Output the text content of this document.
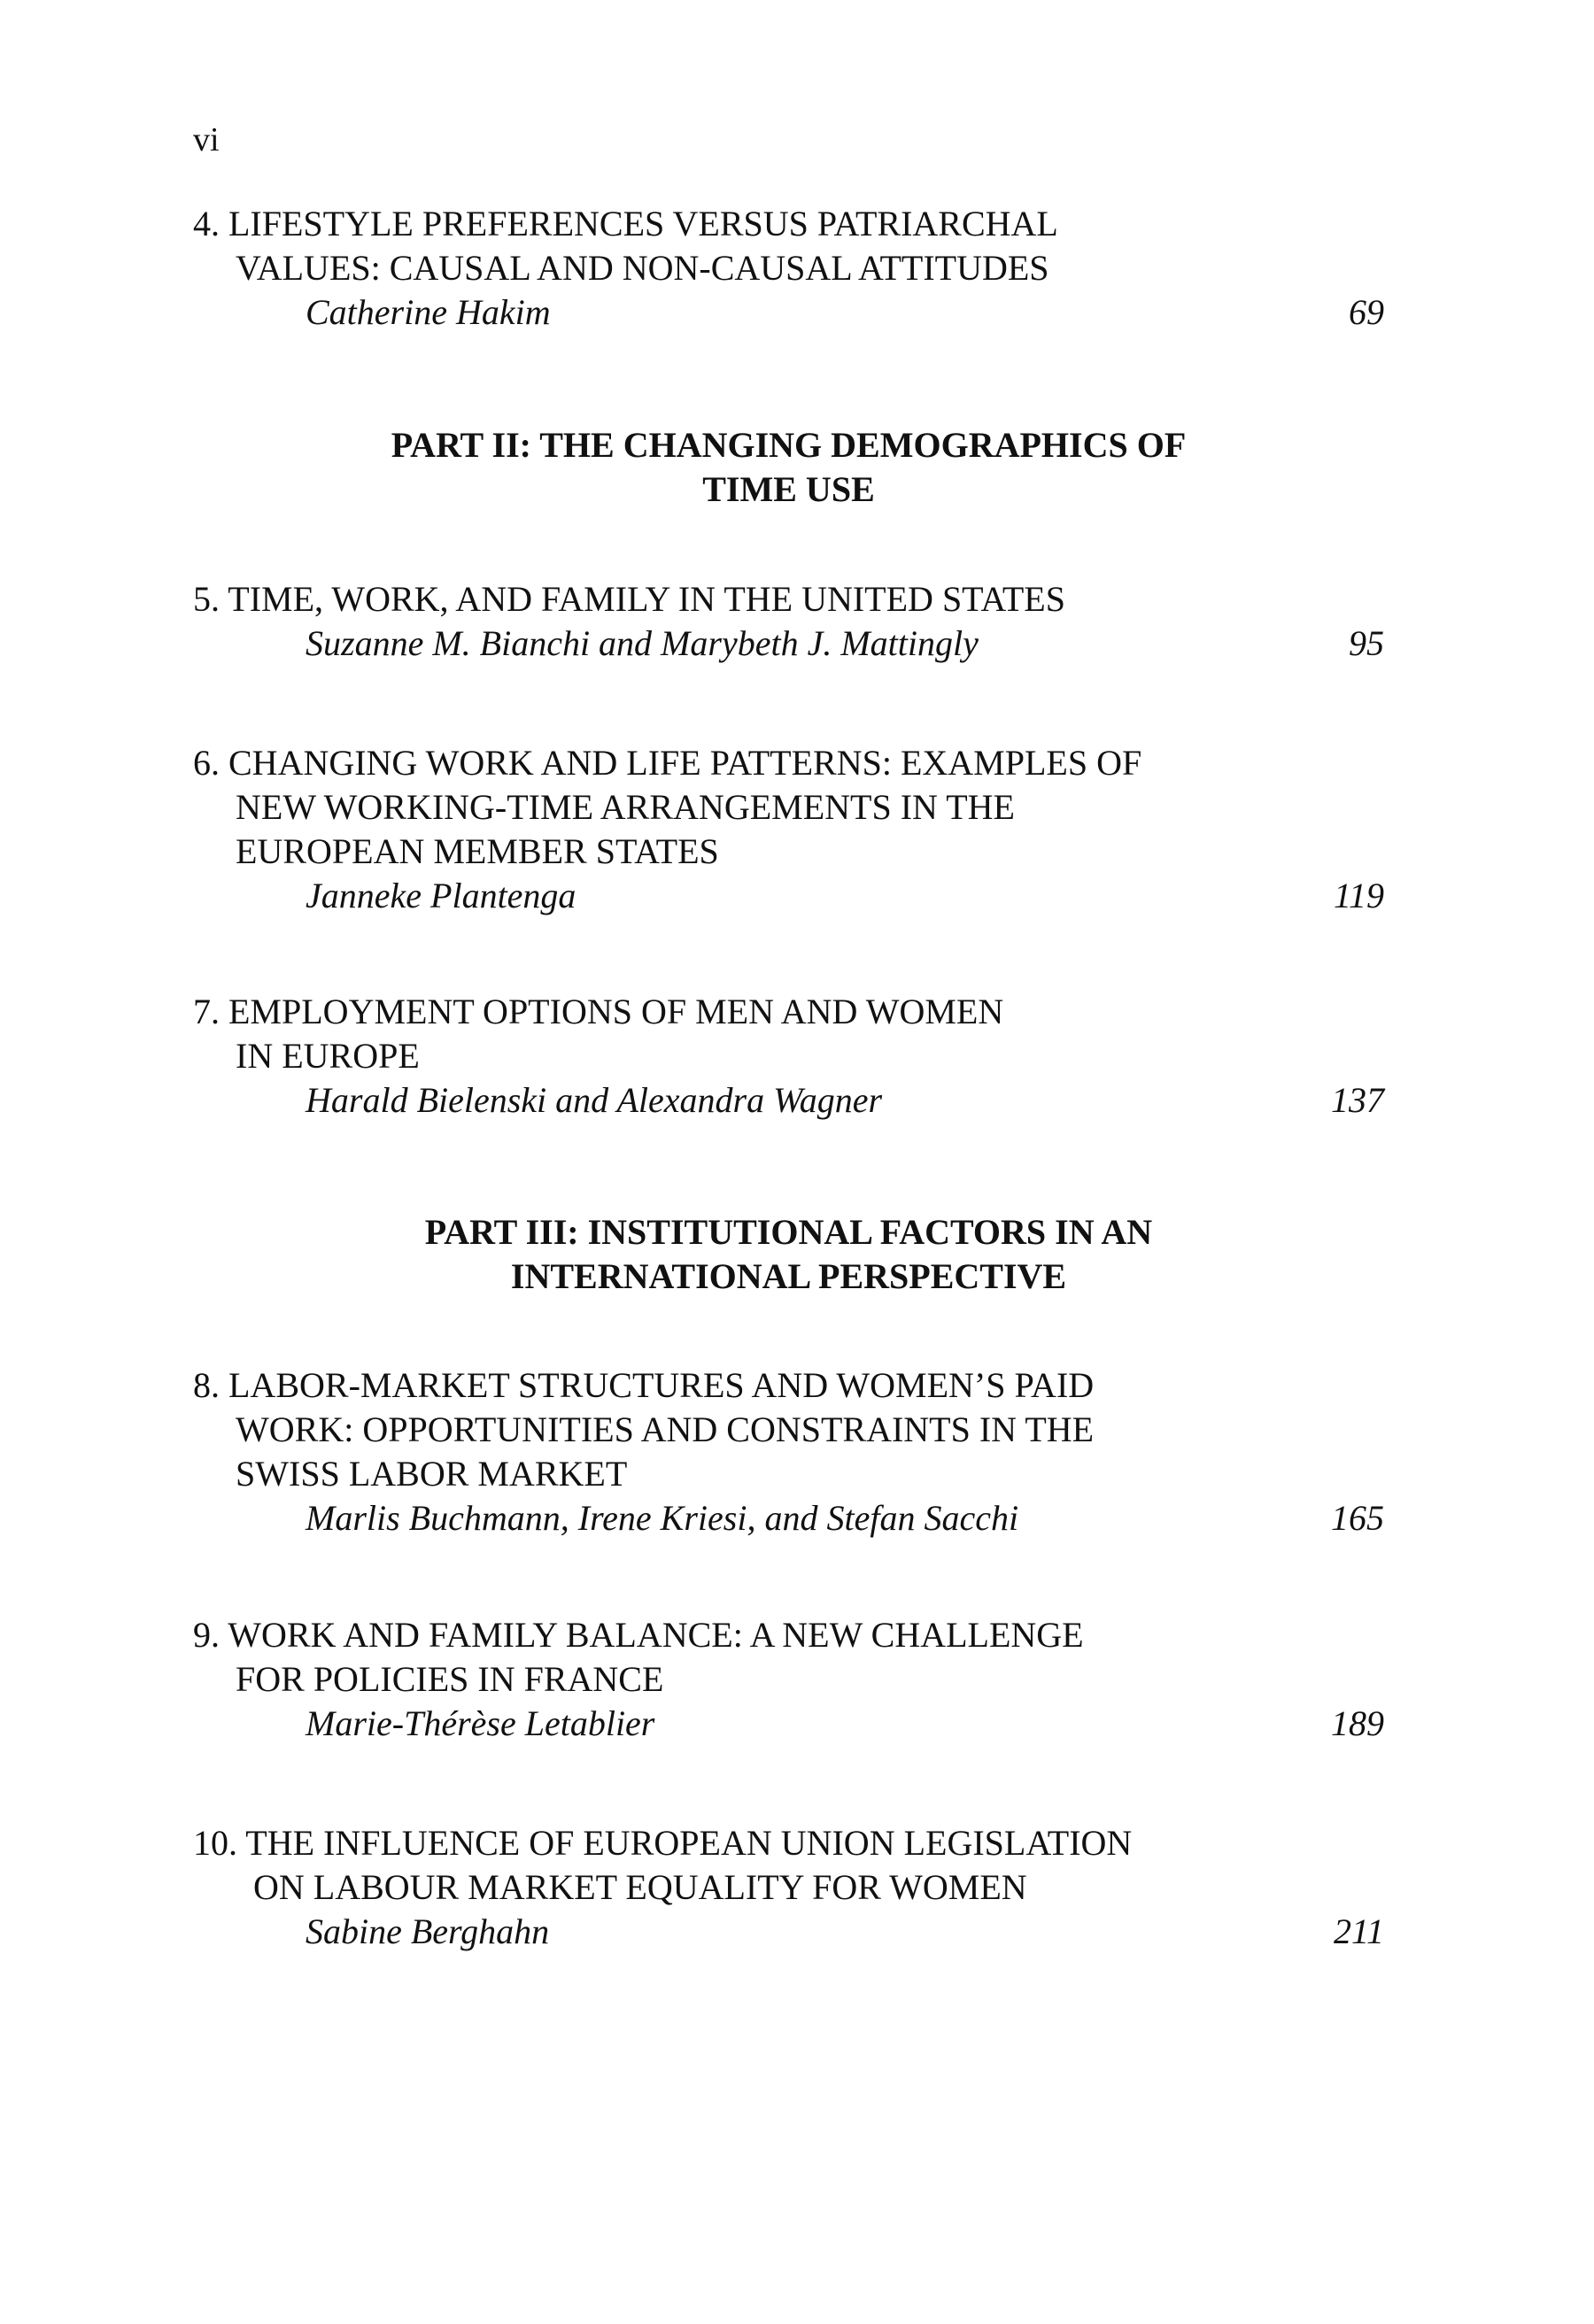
vi
4. LIFESTYLE PREFERENCES VERSUS PATRIARCHAL
VALUES: CAUSAL AND NON-CAUSAL ATTITUDES
Catherine Hakim	69
PART II: THE CHANGING DEMOGRAPHICS OF
TIME USE
5. TIME, WORK, AND FAMILY IN THE UNITED STATES
Suzanne M. Bianchi and Marybeth J. Mattingly	95
6. CHANGING WORK AND LIFE PATTERNS: EXAMPLES OF
NEW WORKING-TIME ARRANGEMENTS IN THE
EUROPEAN MEMBER STATES
Janneke Plantenga	119
7. EMPLOYMENT OPTIONS OF MEN AND WOMEN
IN EUROPE
Harald Bielenski and Alexandra Wagner	137
PART III: INSTITUTIONAL FACTORS IN AN
INTERNATIONAL PERSPECTIVE
8. LABOR-MARKET STRUCTURES AND WOMEN’S PAID
WORK: OPPORTUNITIES AND CONSTRAINTS IN THE
SWISS LABOR MARKET
Marlis Buchmann, Irene Kriesi, and Stefan Sacchi	165
9. WORK AND FAMILY BALANCE: A NEW CHALLENGE
FOR POLICIES IN FRANCE
Marie-Thérèse Letablier	189
10. THE INFLUENCE OF EUROPEAN UNION LEGISLATION
ON LABOUR MARKET EQUALITY FOR WOMEN
Sabine Berghahn	211
